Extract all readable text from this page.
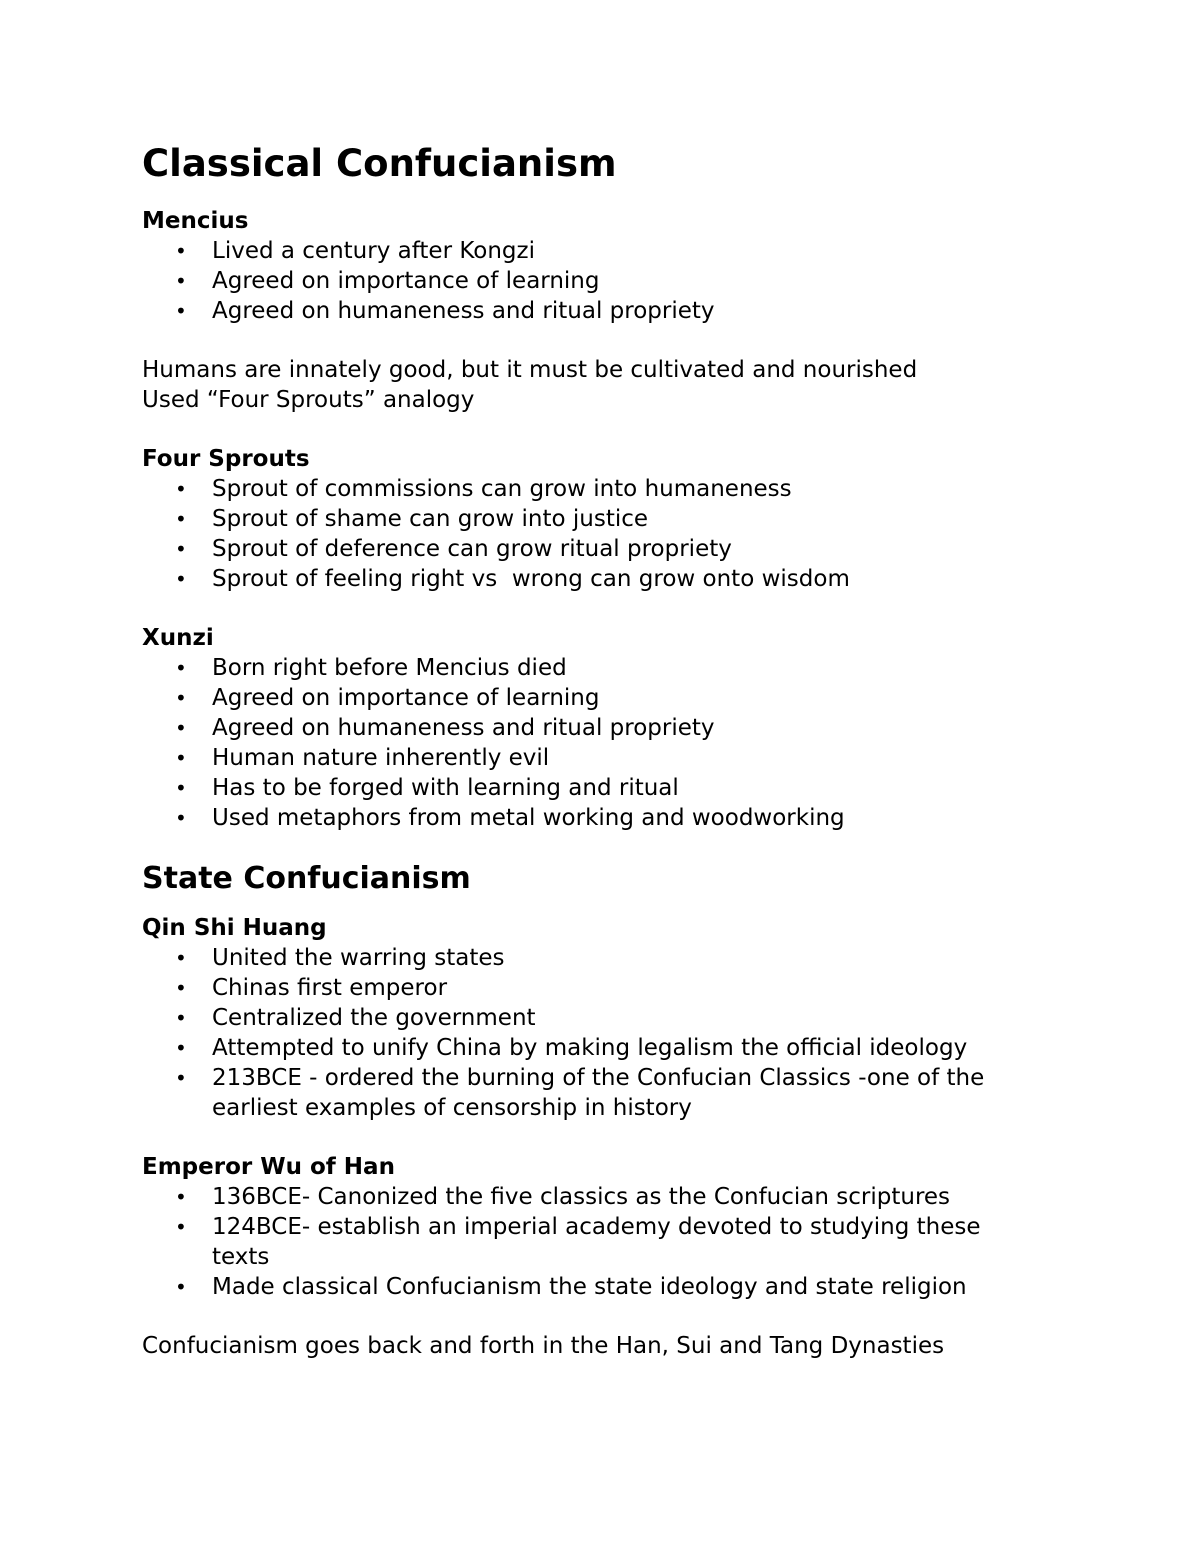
Classical Confucianism
Mencius
• Lived a century after Kongzi
• Agreed on importance of learning
• Agreed on humaneness and ritual propriety

Humans are innately good, but it must be cultivated and nourished

Used “Four Sprouts” analogy

Four Sprouts
• Sprout of commissions can grow into humaneness
• Sprout of shame can grow into justice
• Sprout of deference can grow ritual propriety
• Sprout of feeling right vs  wrong can grow onto wisdom
Xunzi
• Born right before Mencius died
• Agreed on importance of learning
• Agreed on humaneness and ritual propriety
• Human nature inherently evil
• Has to be forged with learning and ritual
• Used metaphors from metal working and woodworking
State Confucianism
Qin Shi Huang
• United the warring states
• Chinas first emperor
• Centralized the government
• Attempted to unify China by making legalism the official ideology
• 213BCE - ordered the burning of the Confucian Classics -one of the earliest examples of censorship in history
Emperor Wu of Han
• 136BCE- Canonized the five classics as the Confucian scriptures
• 124BCE- establish an imperial academy devoted to studying these texts
• Made classical Confucianism the state ideology and state religion

Confucianism goes back and forth in the Han, Sui and Tang Dynasties
